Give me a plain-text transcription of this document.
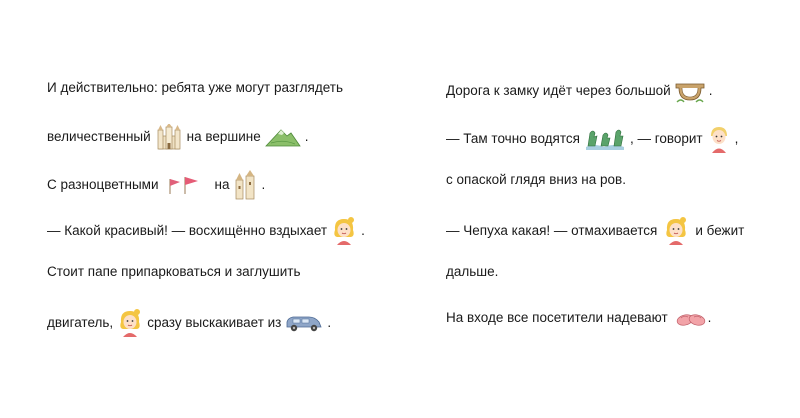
И действительно: ребята уже могут разглядеть
величественный	на вершине	.
С разноцветными	на .
— Какой красивый! — восхищённо вздыхает	.
Стоит папе припарковаться и заглушить
двигатель,	сразу выскакивает из	.
Дорога к замку идёт через большой	.
— Там точно водятся	, — говорит ,
с опаской глядя вниз на ров.
— Чепуха какая! — отмахивается	и бежит
дальше.
На входе все посетители надевают	.
